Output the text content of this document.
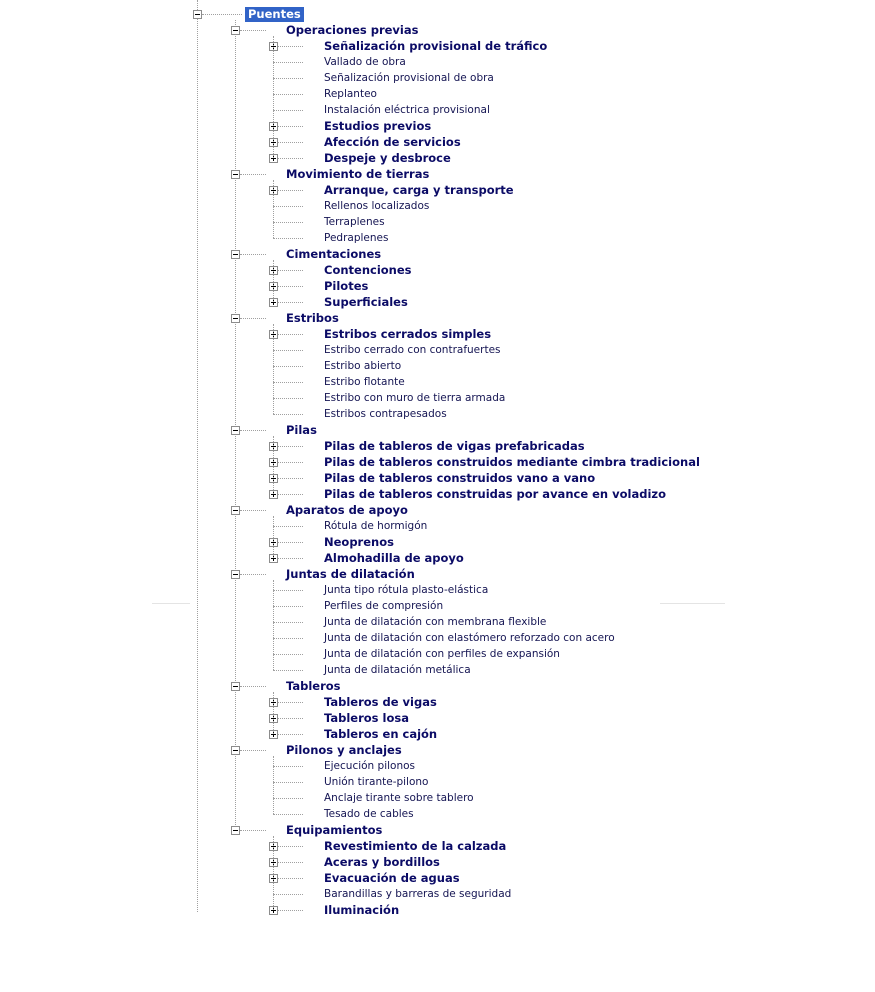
Puentes
Operaciones previas
Señalización provisional de tráfico
Vallado de obra
Señalización provisional de obra
Replanteo
Instalación eléctrica provisional
Estudios previos
Afección de servicios
Despeje y desbroce
Movimiento de tierras
Arranque, carga y transporte
Rellenos localizados
Terraplenes
Pedraplenes
Cimentaciones
Contenciones
Pilotes
Superficiales
Estribos
Estribos cerrados simples
Estribo cerrado con contrafuertes
Estribo abierto
Estribo flotante
Estribo con muro de tierra armada
Estribos contrapesados
Pilas
Pilas de tableros de vigas prefabricadas
Pilas de tableros construidos mediante cimbra tradicional
Pilas de tableros construidos vano a vano
Pilas de tableros construidas por avance en voladizo
Aparatos de apoyo
Rótula de hormigón
Neoprenos
Almohadilla de apoyo
Juntas de dilatación
Junta tipo rótula plasto-elástica
Perfiles de compresión
Junta de dilatación con membrana flexible
Junta de dilatación con elastómero reforzado con acero
Junta de dilatación con perfiles de expansión
Junta de dilatación metálica
Tableros
Tableros de vigas
Tableros losa
Tableros en cajón
Pilonos y anclajes
Ejecución pilonos
Unión tirante-pilono
Anclaje tirante sobre tablero
Tesado de cables
Equipamientos
Revestimiento de la calzada
Aceras y bordillos
Evacuación de aguas
Barandillas y barreras de seguridad
Iluminación
